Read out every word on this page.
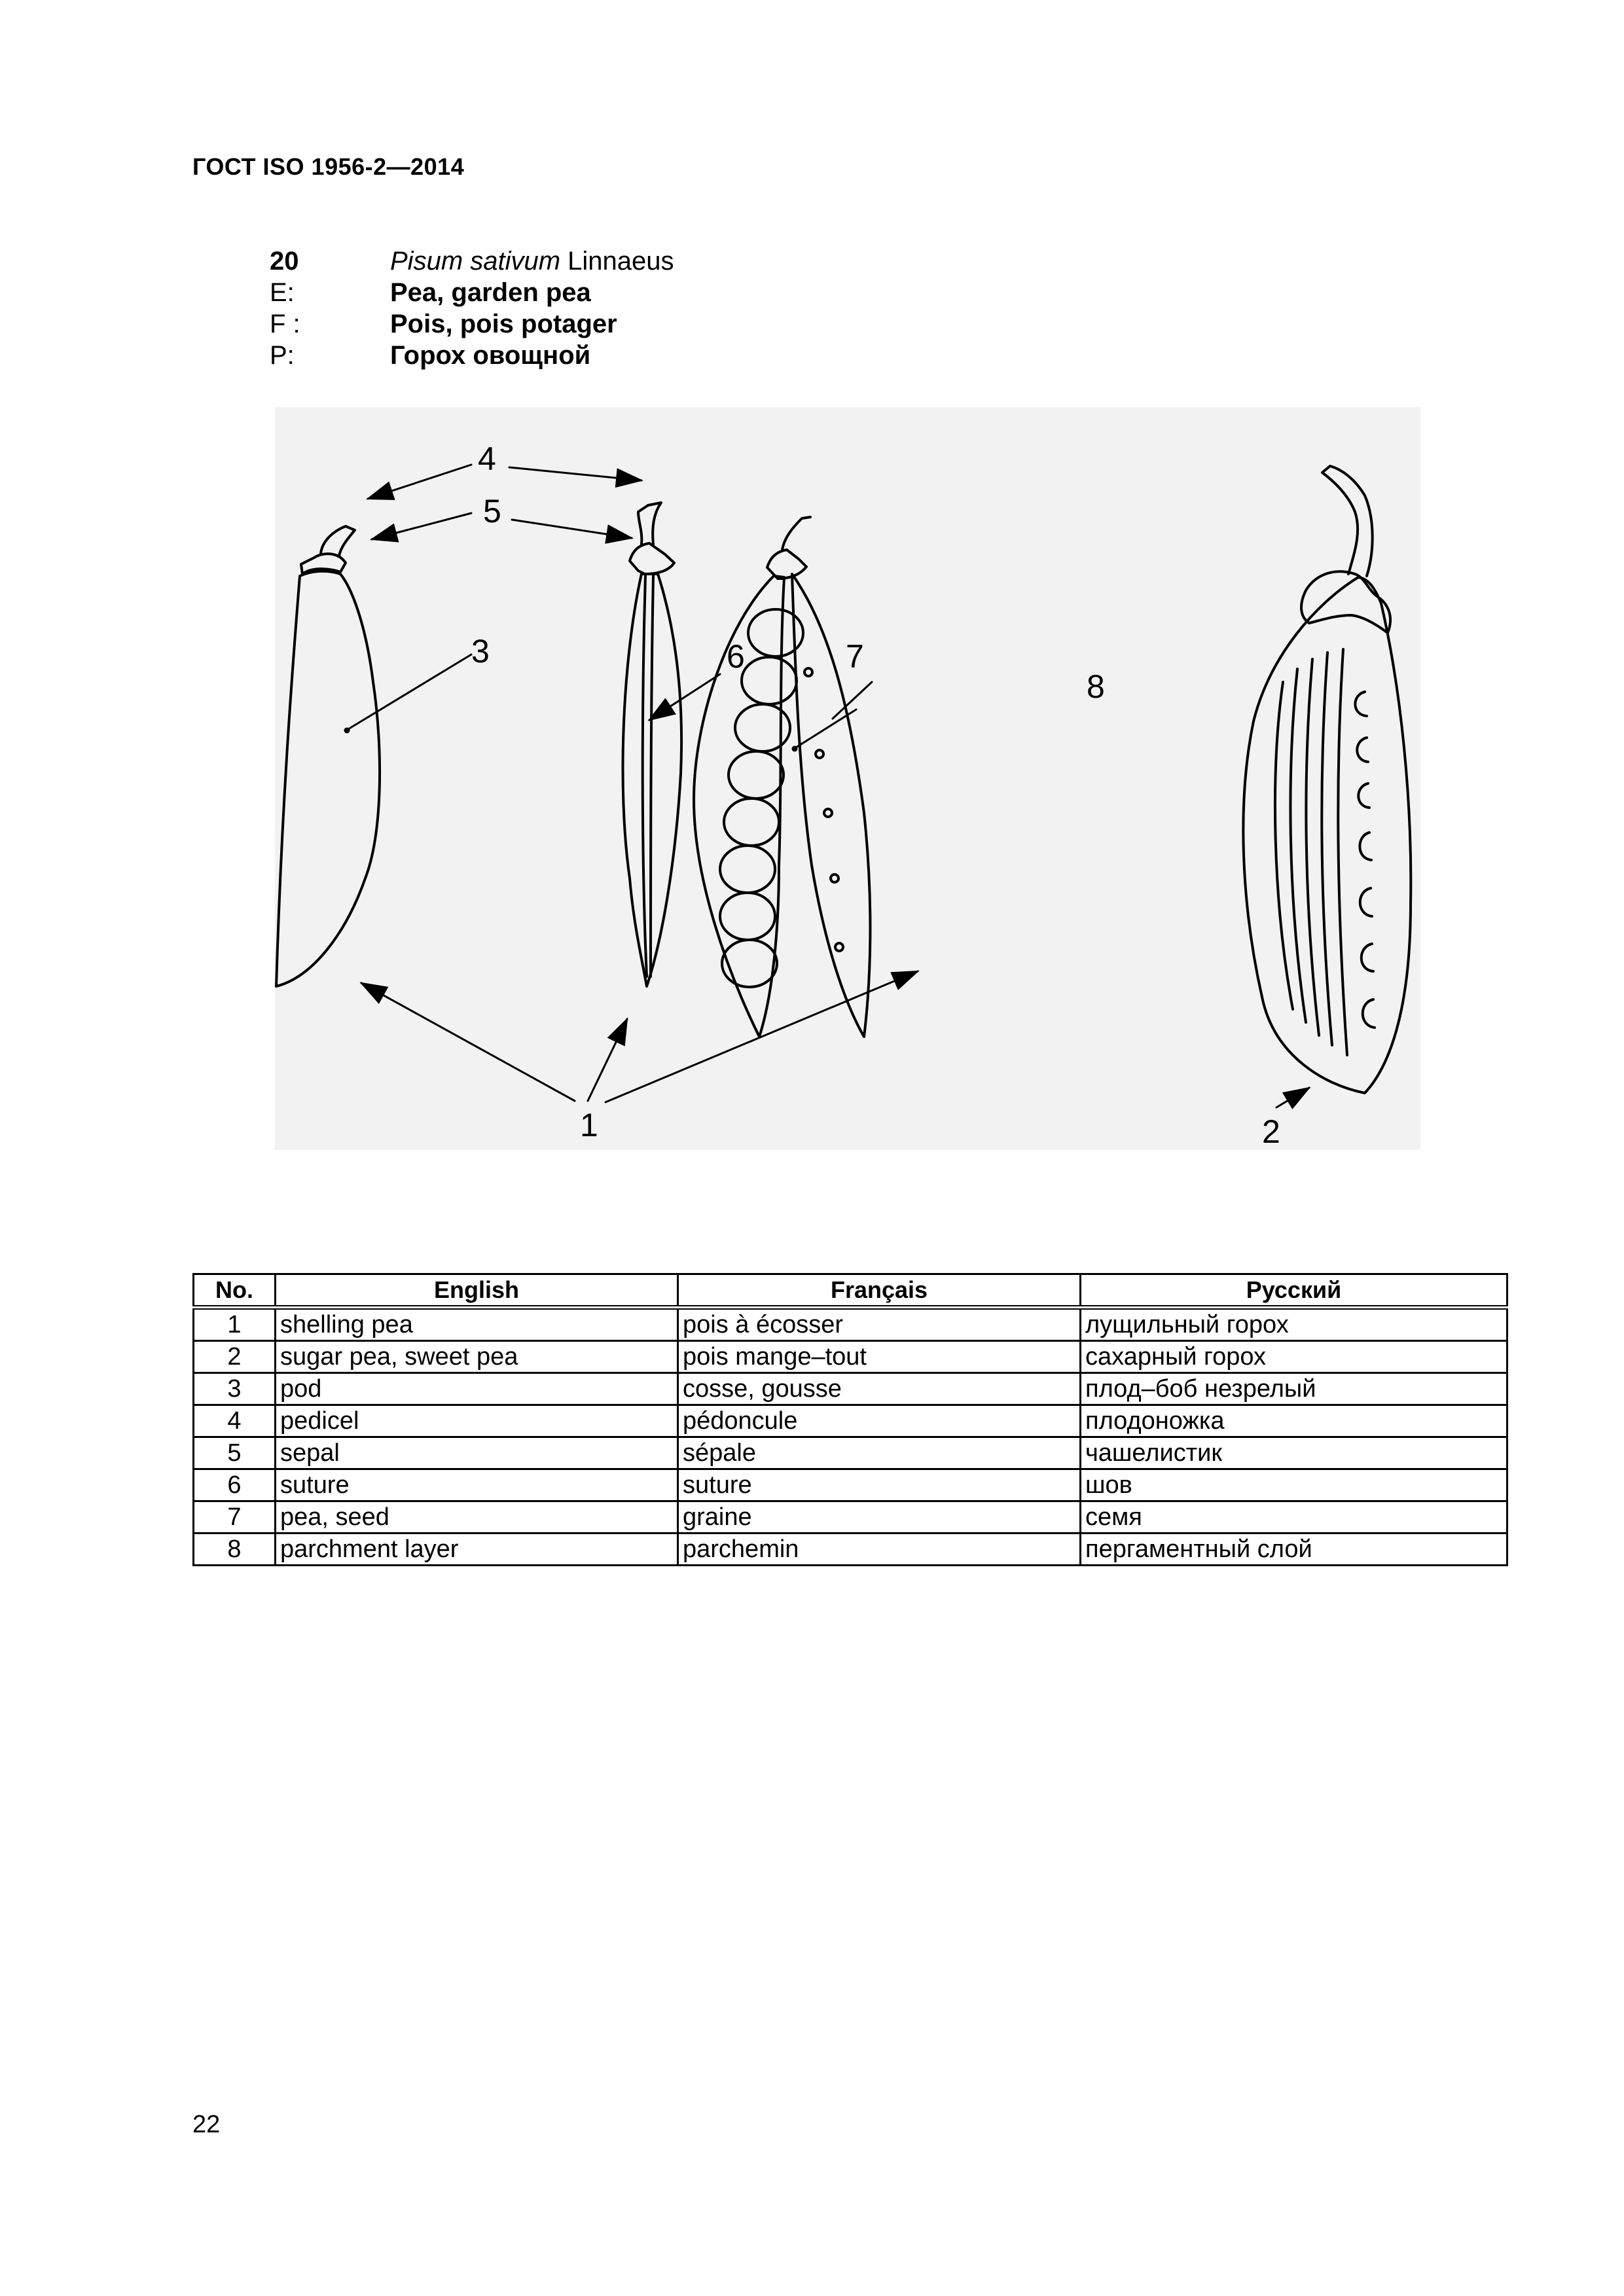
ГОСТ ISO 1956-2—2014
20	Pisum sativum Linnaeus
E:	Pea, garden pea
F :	Pois, pois potager
P:	Горох овощной
4
5
3	6	7
8
1	2
No.	English	Français	Русский
1	shelling pea	pois à écosser	лущильный горох
2	sugar pea, sweet pea	pois mange–tout	сахарный горох
3	pod	cosse, gousse	плод–боб незрелый
4	pedicel	pédoncule	плодоножка
5	sepal	sépale	чашелистик
6	suture	suture	шов
7	pea, seed	graine	семя
8	parchment layer	parchemin	пергаментный слой
22
